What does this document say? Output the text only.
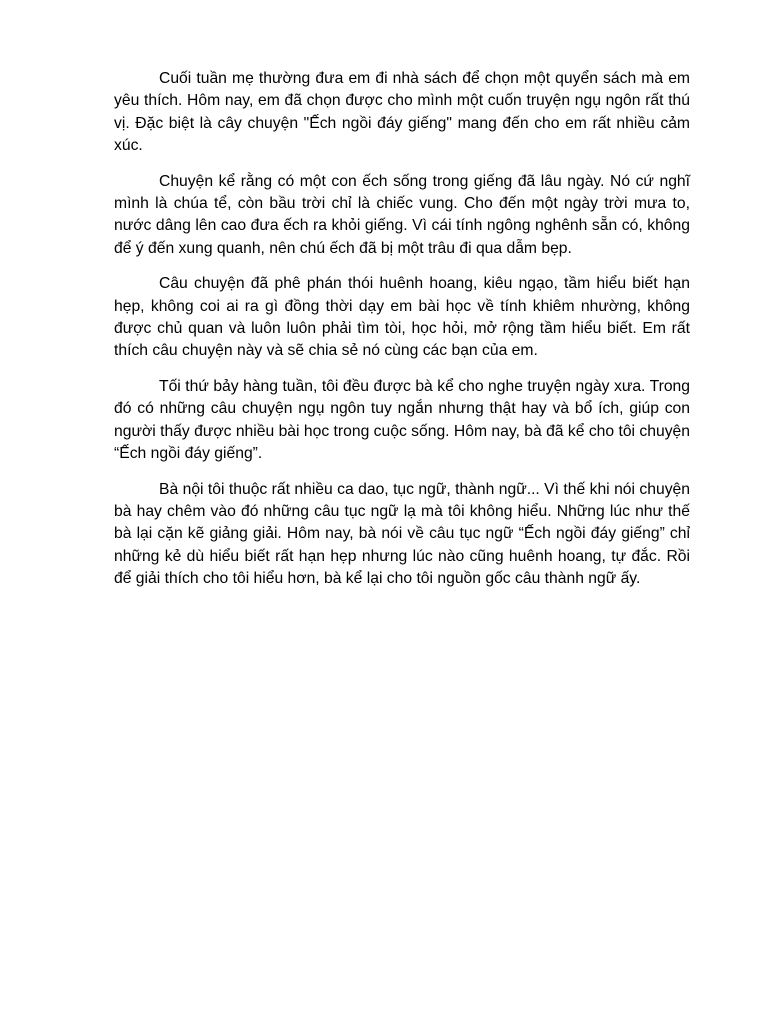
Cuối tuần mẹ thường đưa em đi nhà sách để chọn một quyển sách mà em yêu thích. Hôm nay, em đã chọn được cho mình một cuốn truyện ngụ ngôn rất thú vị. Đặc biệt là cây chuyện "Ếch ngồi đáy giếng" mang đến cho em rất nhiều cảm xúc.

Chuyện kể rằng có một con ếch sống trong giếng đã lâu ngày. Nó cứ nghĩ mình là chúa tể, còn bầu trời chỉ là chiếc vung. Cho đến một ngày trời mưa to, nước dâng lên cao đưa ếch ra khỏi giếng. Vì cái tính ngông nghênh sẵn có, không để ý đến xung quanh, nên chú ếch đã bị một trâu đi qua dẫm bẹp.

Câu chuyện đã phê phán thói huênh hoang, kiêu ngạo, tầm hiểu biết hạn hẹp, không coi ai ra gì đồng thời dạy em bài học về tính khiêm nhường, không được chủ quan và luôn luôn phải tìm tòi, học hỏi, mở rộng tầm hiểu biết. Em rất thích câu chuyện này và sẽ chia sẻ nó cùng các bạn của em.

Tối thứ bảy hàng tuần, tôi đều được bà kể cho nghe truyện ngày xưa. Trong đó có những câu chuyện ngụ ngôn tuy ngắn nhưng thật hay và bổ ích, giúp con người thấy được nhiều bài học trong cuộc sống. Hôm nay, bà đã kể cho tôi chuyện “Ếch ngồi đáy giếng”.

Bà nội tôi thuộc rất nhiều ca dao, tục ngữ, thành ngữ... Vì thế khi nói chuyện bà hay chêm vào đó những câu tục ngữ lạ mà tôi không hiểu. Những lúc như thế bà lại cặn kẽ giảng giải. Hôm nay, bà nói về câu tục ngữ “Ếch ngồi đáy giếng” chỉ những kẻ dù hiểu biết rất hạn hẹp nhưng lúc nào cũng huênh hoang, tự đắc. Rồi để giải thích cho tôi hiểu hơn, bà kể lại cho tôi nguồn gốc câu thành ngữ ấy.
